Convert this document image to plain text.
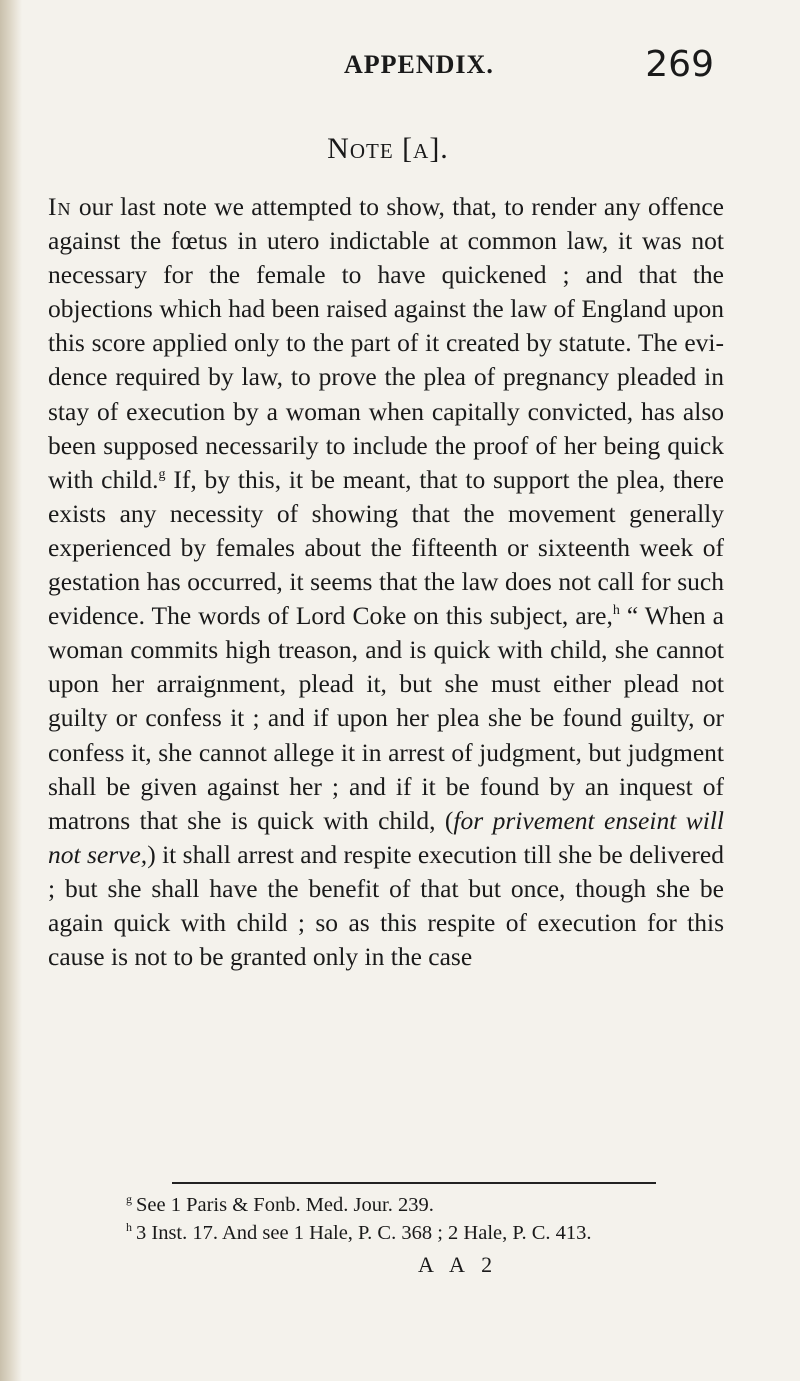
APPENDIX.	269
Note [a].
In our last note we attempted to show, that, to render any offence against the fœtus in utero indictable at common law, it was not necessary for the female to have quickened ; and that the objections which had been raised against the law of England upon this score applied only to the part of it created by statute. The evidence required by law, to prove the plea of pregnancy pleaded in stay of execution by a woman when capitally convicted, has also been supposed necessarily to include the proof of her being quick with child.$^g$ If, by this, it be meant, that to support the plea, there exists any necessity of showing that the movement generally experienced by females about the fifteenth or sixteenth week of gestation has occurred, it seems that the law does not call for such evidence. The words of Lord Coke on this subject, are,$^h$ “ When a woman commits high treason, and is quick with child, she cannot upon her arraignment, plead it, but she must either plead not guilty or confess it ; and if upon her plea she be found guilty, or confess it, she cannot allege it in arrest of judgment, but judgment shall be given against her ; and if it be found by an inquest of matrons that she is quick with child, (for privement enseint will not serve,) it shall arrest and respite execution till she be delivered ; but she shall have the benefit of that but once, though she be again quick with child ; so as this respite of execution for this cause is not to be granted only in the case
$^g$ See 1 Paris & Fonb. Med. Jour. 239.
$^h$ 3 Inst. 17. And see 1 Hale, P. C. 368 ; 2 Hale, P. C. 413.
A A 2
